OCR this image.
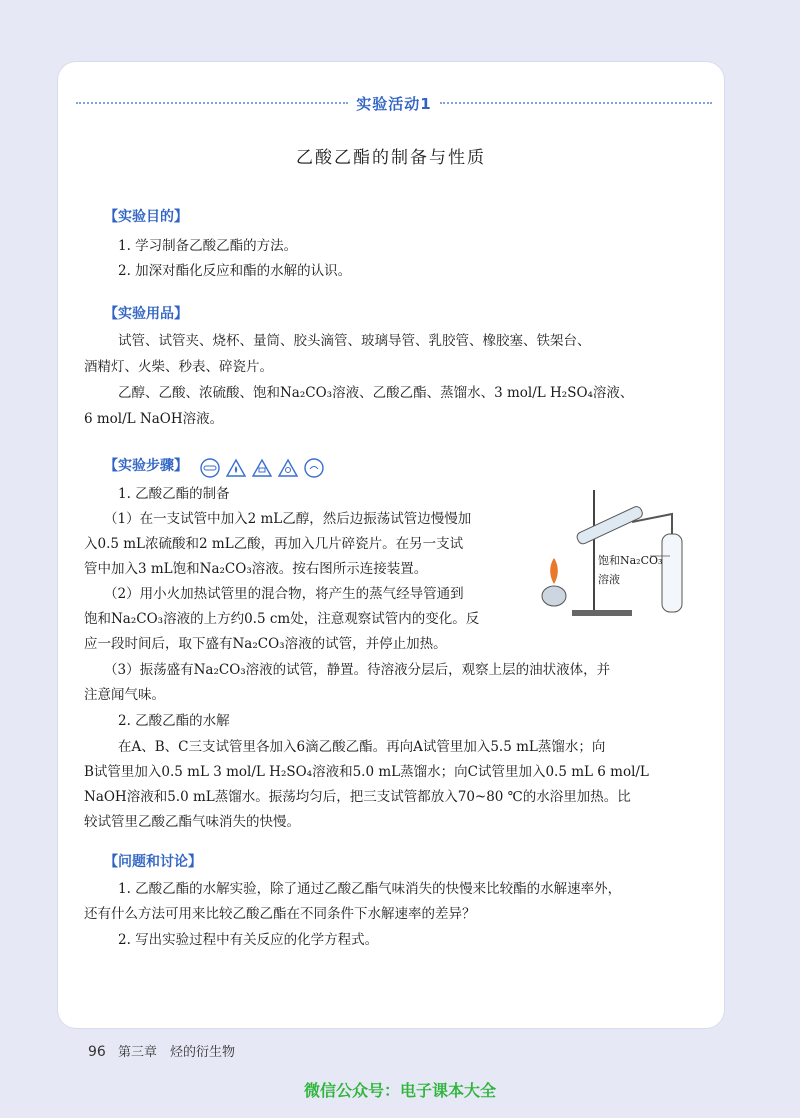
实验活动1
乙酸乙酯的制备与性质
【实验目的】
1. 学习制备乙酸乙酯的方法。
2. 加深对酯化反应和酯的水解的认识。
【实验用品】
试管、试管夹、烧杯、量筒、胶头滴管、玻璃导管、乳胶管、橡胶塞、铁架台、
酒精灯、火柴、秒表、碎瓷片。
乙醇、乙酸、浓硫酸、饱和Na₂CO₃溶液、乙酸乙酯、蒸馏水、3 mol/L H₂SO₄溶液、
6 mol/L NaOH溶液。
【实验步骤】
1. 乙酸乙酯的制备
（1）在一支试管中加入2 mL乙醇，然后边振荡试管边慢慢加
入0.5 mL浓硫酸和2 mL乙酸，再加入几片碎瓷片。在另一支试
管中加入3 mL饱和Na₂CO₃溶液。按右图所示连接装置。
（2）用小火加热试管里的混合物，将产生的蒸气经导管通到
饱和Na₂CO₃溶液的上方约0.5 cm处，注意观察试管内的变化。反
应一段时间后，取下盛有Na₂CO₃溶液的试管，并停止加热。
（3）振荡盛有Na₂CO₃溶液的试管，静置。待溶液分层后，观察上层的油状液体，并
注意闻气味。
2. 乙酸乙酯的水解
在A、B、C三支试管里各加入6滴乙酸乙酯。再向A试管里加入5.5 mL蒸馏水；向
B试管里加入0.5 mL 3 mol/L H₂SO₄溶液和5.0 mL蒸馏水；向C试管里加入0.5 mL 6 mol/L
NaOH溶液和5.0 mL蒸馏水。振荡均匀后，把三支试管都放入70~80 ℃的水浴里加热。比
较试管里乙酸乙酯气味消失的快慢。
饱和Na₂CO₃
溶液
【问题和讨论】
1. 乙酸乙酯的水解实验，除了通过乙酸乙酯气味消失的快慢来比较酯的水解速率外，
还有什么方法可用来比较乙酸乙酯在不同条件下水解速率的差异？
2. 写出实验过程中有关反应的化学方程式。
96 第三章　烃的衍生物
微信公众号：电子课本大全
